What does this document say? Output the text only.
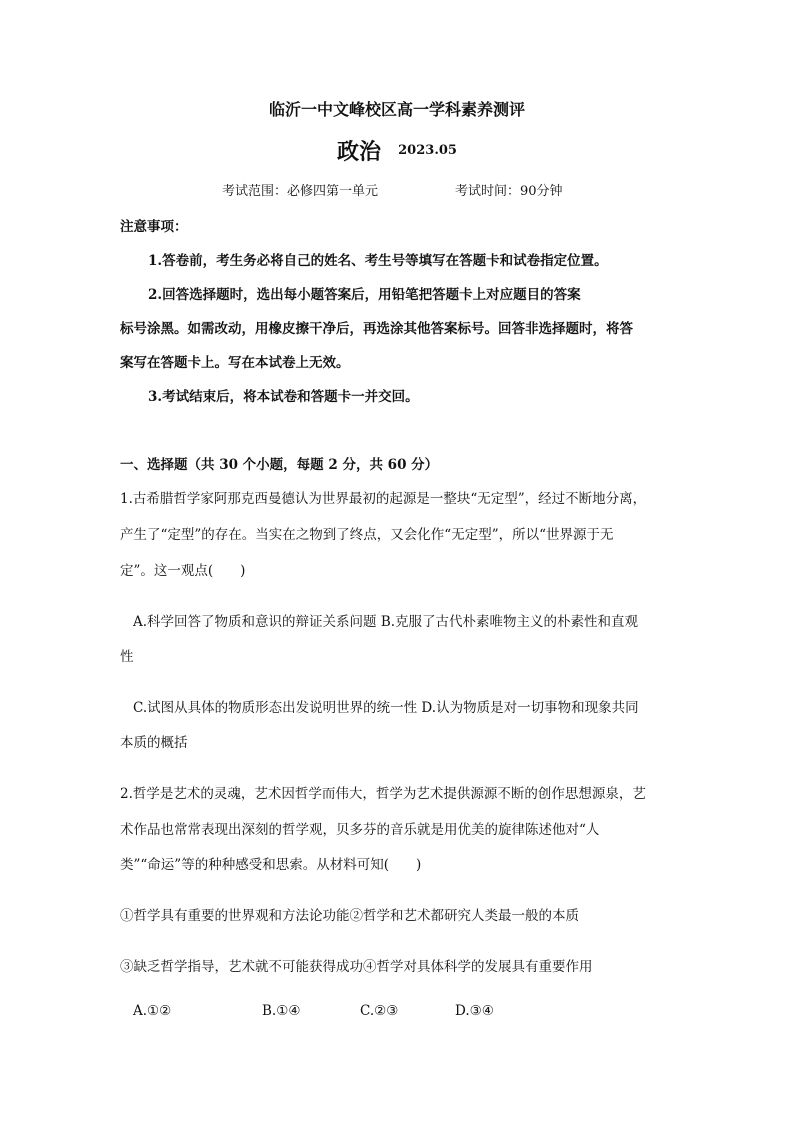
临沂一中文峰校区高一学科素养测评
政治 2023.05
考试范围：必修四第一单元	考试时间：90分钟
注意事项：
1.答卷前，考生务必将自己的姓名、考生号等填写在答题卡和试卷指定位置。
2.回答选择题时，选出每小题答案后，用铅笔把答题卡上对应题目的答案
标号涂黑。如需改动，用橡皮擦干净后，再选涂其他答案标号。回答非选择题时，将答
案写在答题卡上。写在本试卷上无效。
3.考试结束后，将本试卷和答题卡一并交回。
一、选择题（共 30 个小题，每题 2 分，共 60 分）
1.古希腊哲学家阿那克西曼德认为世界最初的起源是一整块“无定型”，经过不断地分离，
产生了“定型”的存在。当实在之物到了终点，又会化作“无定型”，所以“世界源于无
定”。这一观点(　　)
A.科学回答了物质和意识的辩证关系问题 B.克服了古代朴素唯物主义的朴素性和直观
性
C.试图从具体的物质形态出发说明世界的统一性 D.认为物质是对一切事物和现象共同
本质的概括
2.哲学是艺术的灵魂，艺术因哲学而伟大，哲学为艺术提供源源不断的创作思想源泉，艺
术作品也常常表现出深刻的哲学观，贝多芬的音乐就是用优美的旋律陈述他对“人
类”“命运”等的种种感受和思索。从材料可知(　　)
①哲学具有重要的世界观和方法论功能②哲学和艺术都研究人类最一般的本质
③缺乏哲学指导，艺术就不可能获得成功④哲学对具体科学的发展具有重要作用
A.①②	B.①④	C.②③	D.③④
